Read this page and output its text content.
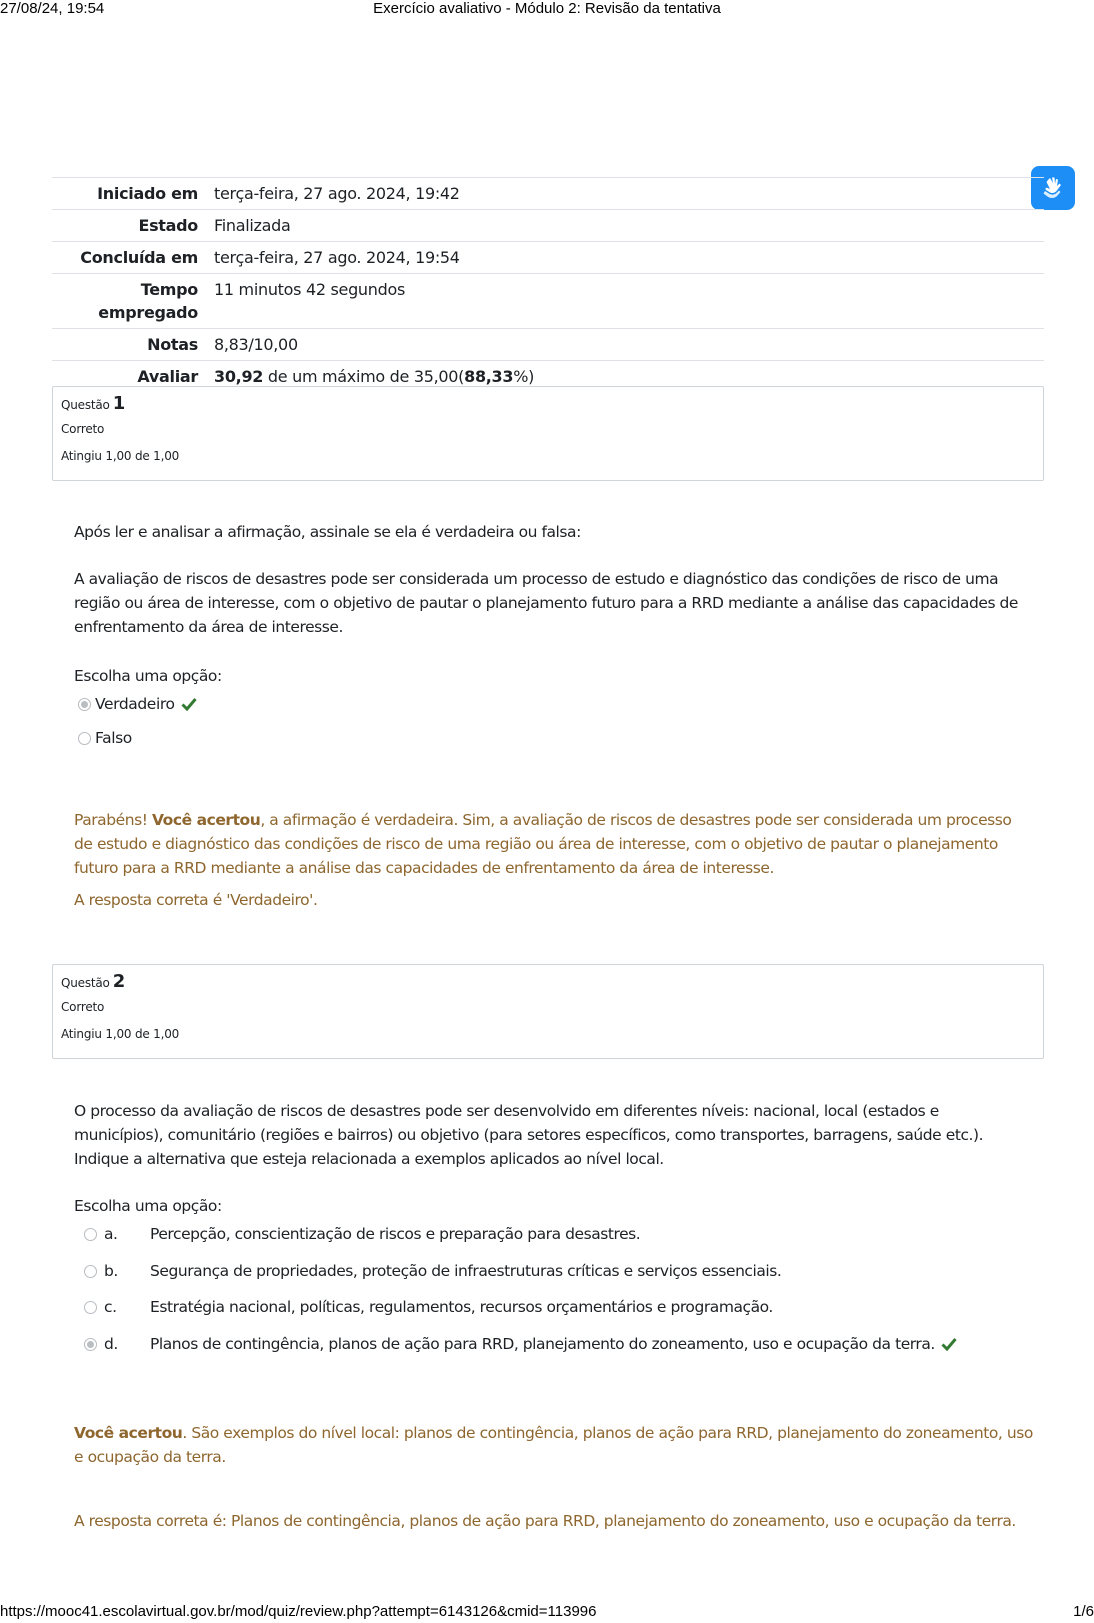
27/08/24, 19:54	Exercício avaliativo - Módulo 2: Revisão da tentativa
Iniciado em	terça-feira, 27 ago. 2024, 19:42
Estado	Finalizada
Concluída em	terça-feira, 27 ago. 2024, 19:54
Tempo
empregado	11 minutos 42 segundos
Notas	8,83/10,00
Avaliar	30,92 de um máximo de 35,00(88,33%)
Questão 1
Correto
Atingiu 1,00 de 1,00
Após ler e analisar a afirmação, assinale se ela é verdadeira ou falsa:
A avaliação de riscos de desastres pode ser considerada um processo de estudo e diagnóstico das condições de risco de uma região ou área de interesse, com o objetivo de pautar o planejamento futuro para a RRD mediante a análise das capacidades de enfrentamento da área de interesse.
Escolha uma opção:
Verdadeiro
Falso
Parabéns! Você acertou, a afirmação é verdadeira. Sim, a avaliação de riscos de desastres pode ser considerada um processo de estudo e diagnóstico das condições de risco de uma região ou área de interesse, com o objetivo de pautar o planejamento futuro para a RRD mediante a análise das capacidades de enfrentamento da área de interesse.
A resposta correta é 'Verdadeiro'.
Questão 2
Correto
Atingiu 1,00 de 1,00
O processo da avaliação de riscos de desastres pode ser desenvolvido em diferentes níveis: nacional, local (estados e municípios), comunitário (regiões e bairros) ou objetivo (para setores específicos, como transportes, barragens, saúde etc.). Indique a alternativa que esteja relacionada a exemplos aplicados ao nível local.
Escolha uma opção:
a.	Percepção, conscientização de riscos e preparação para desastres.
b.	Segurança de propriedades, proteção de infraestruturas críticas e serviços essenciais.
c.	Estratégia nacional, políticas, regulamentos, recursos orçamentários e programação.
d.	Planos de contingência, planos de ação para RRD, planejamento do zoneamento, uso e ocupação da terra.
Você acertou. São exemplos do nível local: planos de contingência, planos de ação para RRD, planejamento do zoneamento, uso e ocupação da terra.
A resposta correta é: Planos de contingência, planos de ação para RRD, planejamento do zoneamento, uso e ocupação da terra.
https://mooc41.escolavirtual.gov.br/mod/quiz/review.php?attempt=6143126&cmid=113996	1/6
